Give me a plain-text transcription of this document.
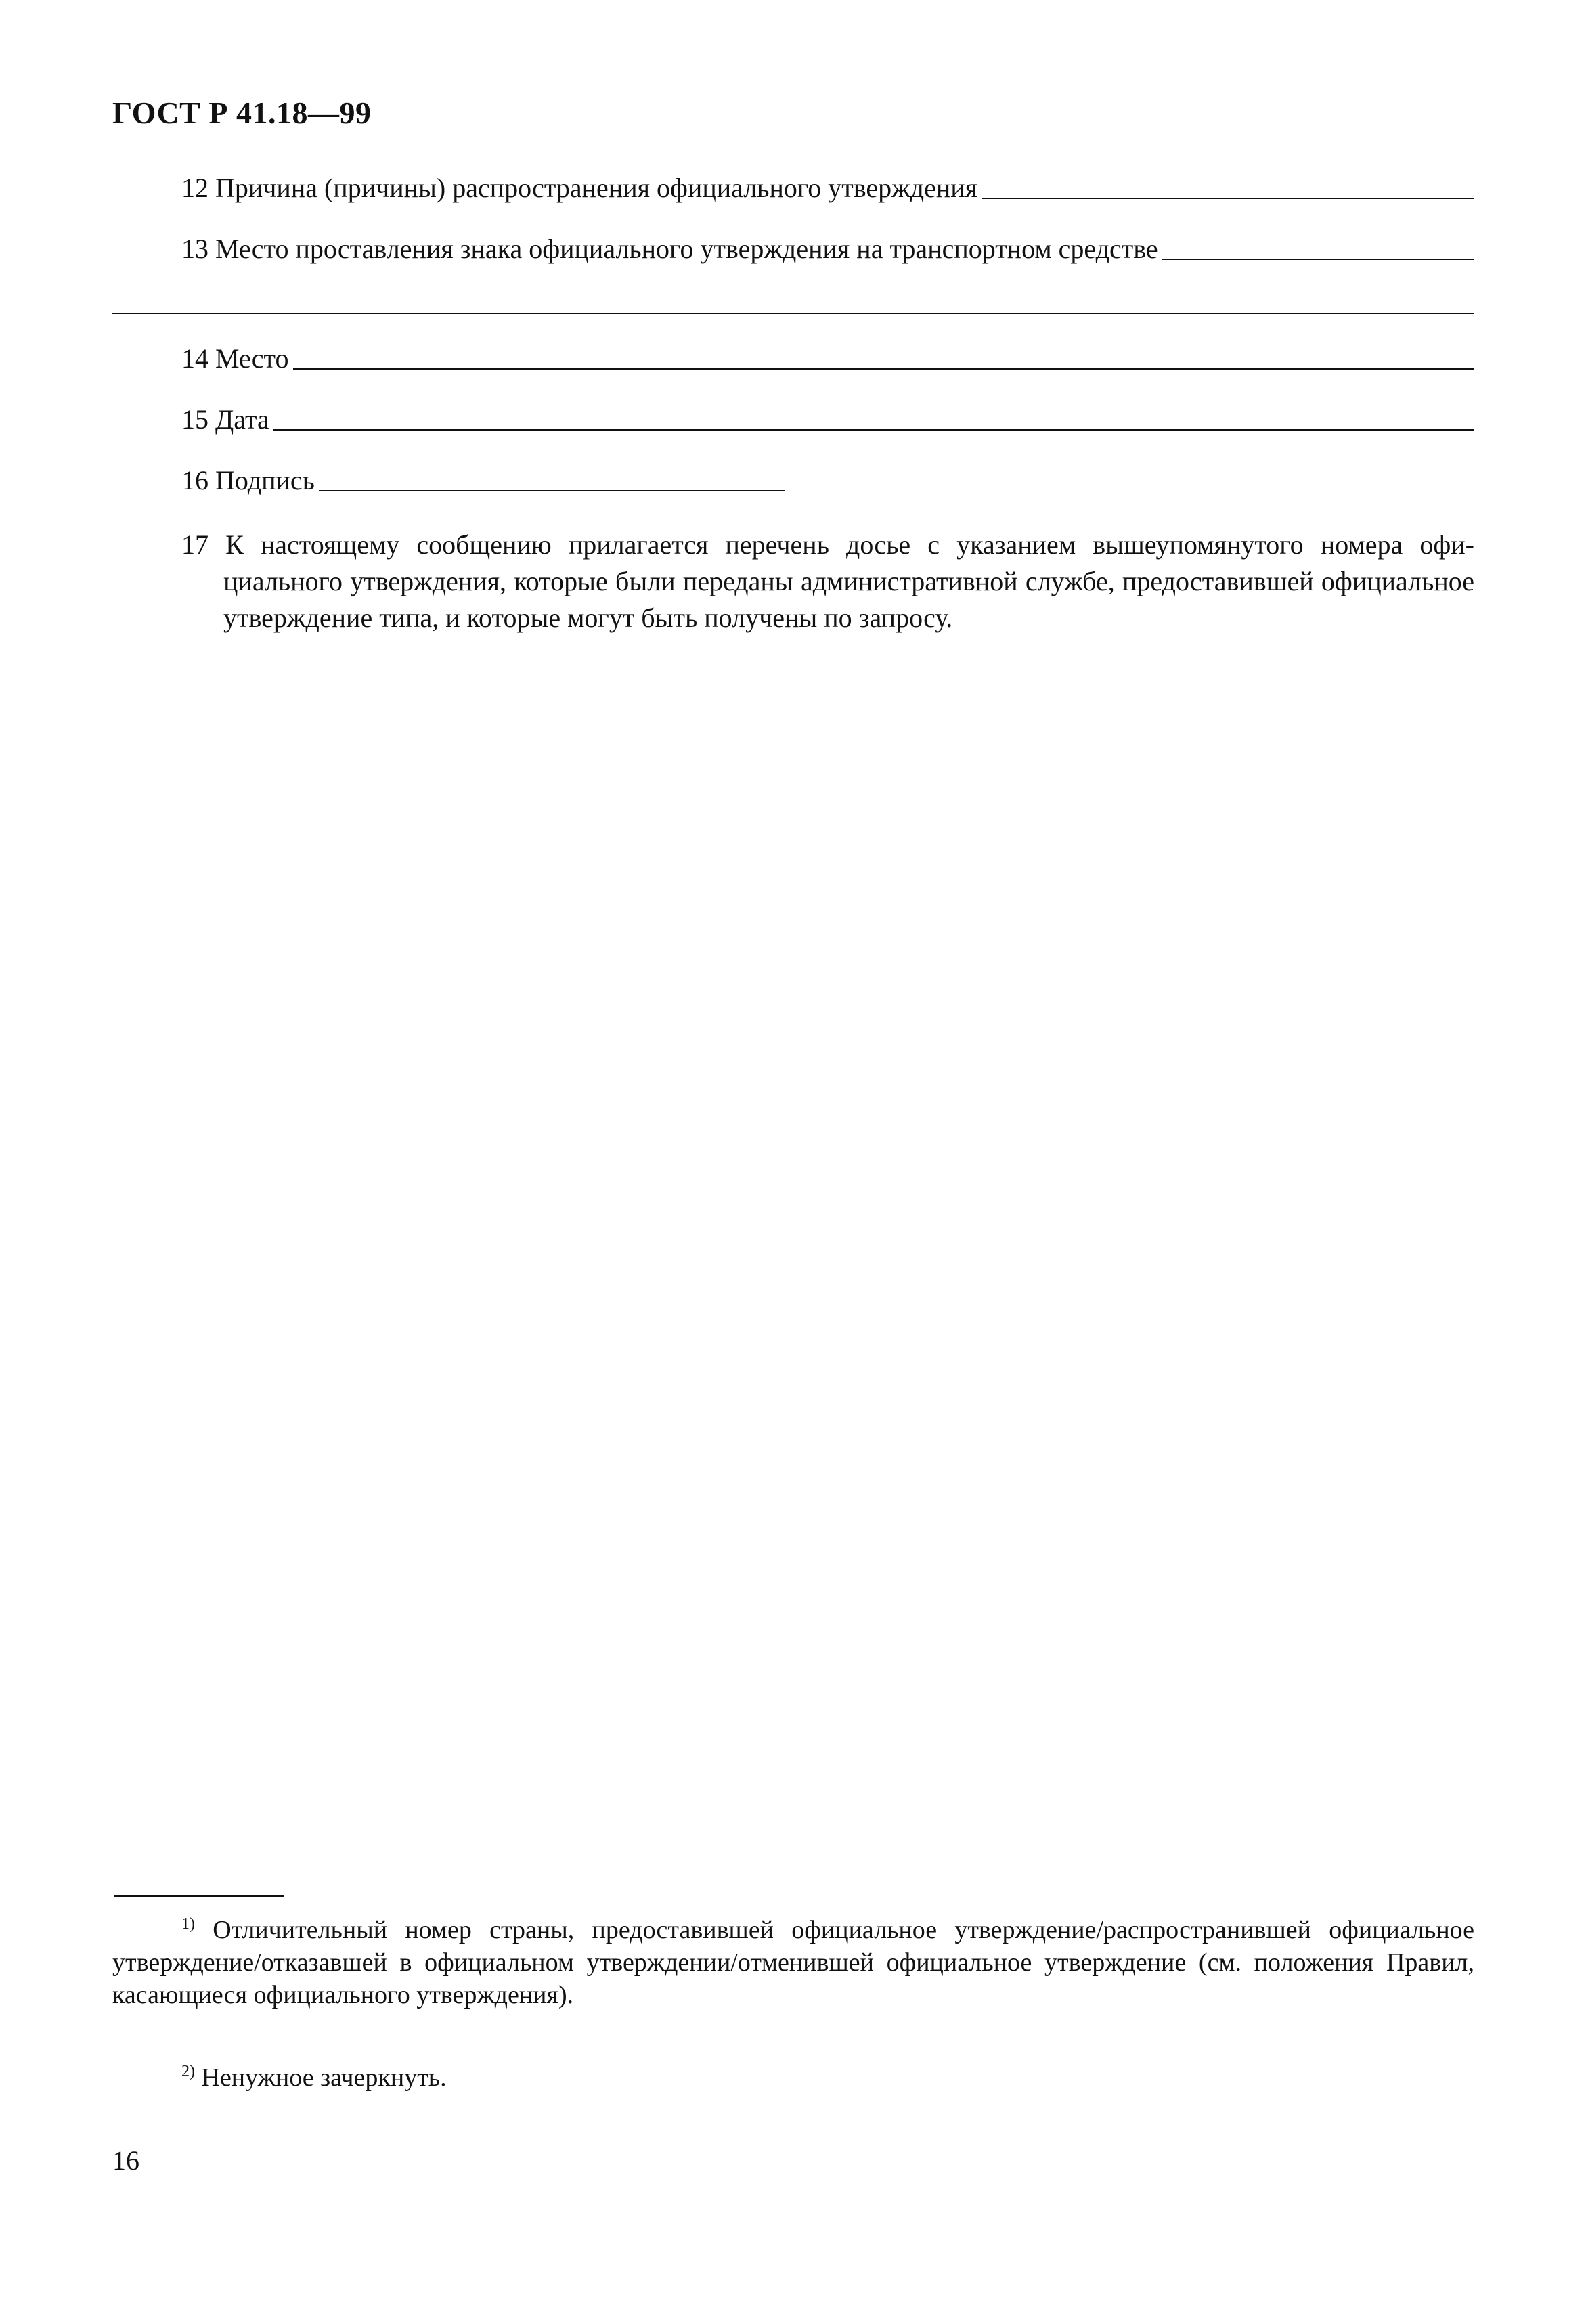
ГОСТ Р 41.18—99
12 Причина (причины) распространения официального утверждения
13 Место проставления знака официального утверждения на транспортном средстве
14 Место
15 Дата
16 Подпись
17 К настоящему сообщению прилагается перечень досье с указанием вышеупомянутого номера офи-
циального утверждения, которые были переданы административной службе, предоставившей официальное утверждение типа, и которые могут быть получены по запросу.
$^{1)}$ Отличительный номер страны, предоставившей официальное утверждение/распространившей официальное утверждение/отказавшей в официальном утверждении/отменившей официальное утверждение (см. положения Правил, касающиеся официального утверждения).
$^{2)}$ Ненужное зачеркнуть.
16
